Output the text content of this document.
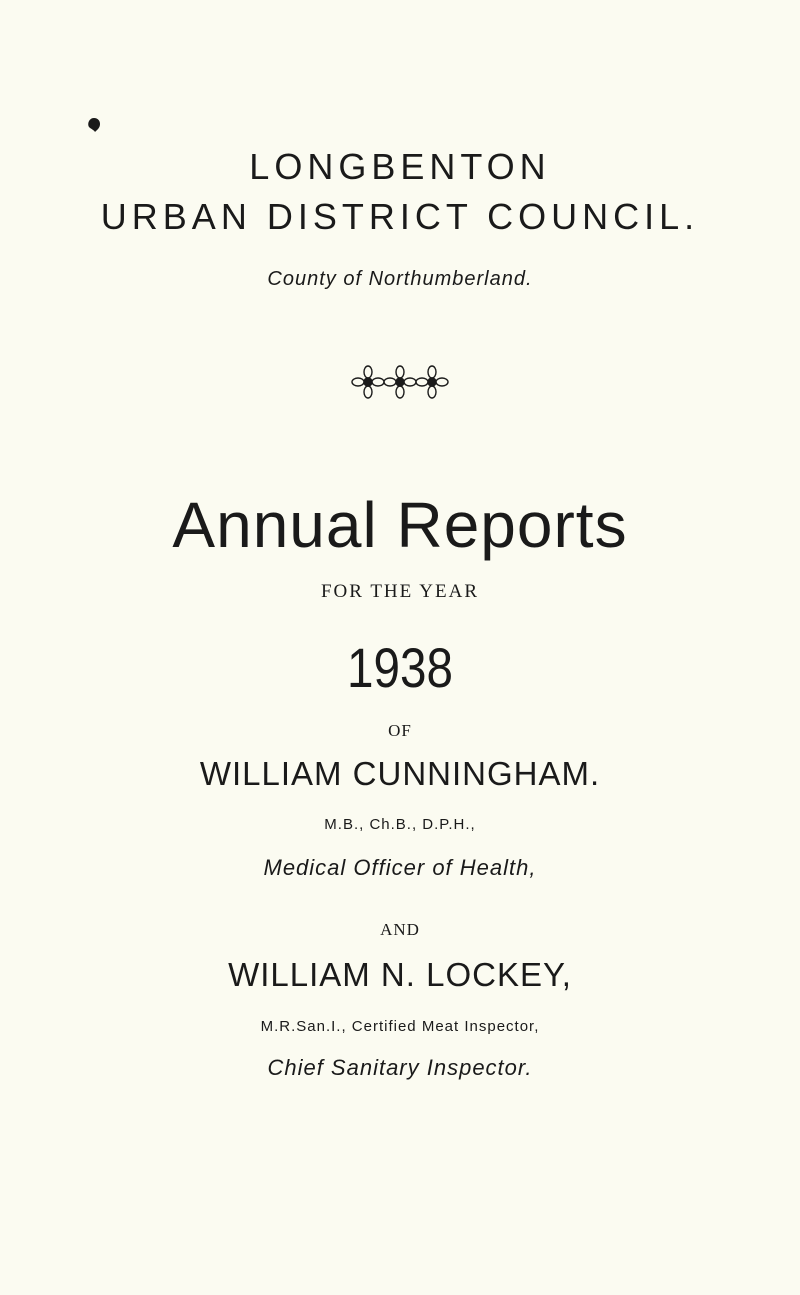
LONGBENTON
URBAN DISTRICT COUNCIL.
County of Northumberland.
Annual Reports
FOR THE YEAR
1938
OF
WILLIAM CUNNINGHAM.
M.B., Ch.B., D.P.H.,
Medical Officer of Health,
AND
WILLIAM N. LOCKEY,
M.R.San.I., Certified Meat Inspector,
Chief Sanitary Inspector.
